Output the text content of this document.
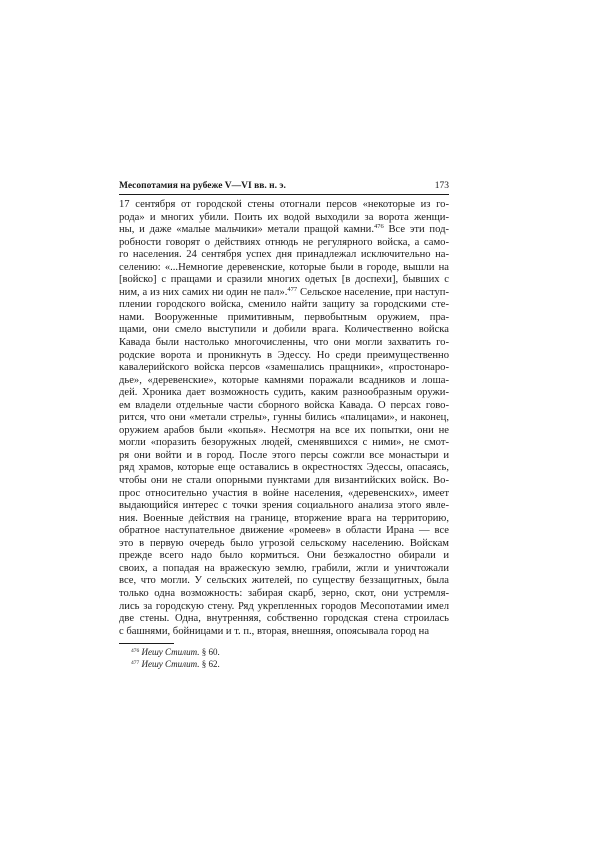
Месопотамия на рубеже V—VI вв. н. э.	173
17 сентября от городской стены отогнали персов «некоторые из го-
рода» и многих убили. Поить их водой выходили за ворота женщи-
ны, и даже «малые мальчики» метали пращой камни.$^{476}$ Все эти под-
робности говорят о действиях отнюдь не регулярного войска, а само-
го населения. 24 сентября успех дня принадлежал исключительно на-
селению: «...Немногие деревенские, которые были в городе, вышли на
[войско] с пращами и сразили многих одетых [в доспехи], бывших с
ним, а из них самих ни один не пал».$^{477}$ Сельское население, при наступ-
плении городского войска, сменило найти защиту за городскими сте-
нами. Вооруженные примитивным, первобытным оружием, пра-
щами, они смело выступили и добили врага. Количественно войска
Кавада были настолько многочисленны, что они могли захватить го-
родские ворота и проникнуть в Эдессу. Но среди преимущественно
кавалерийского войска персов «замешались пращники», «простонаро-
дье», «деревенские», которые камнями поражали всадников и лоша-
дей. Хроника дает возможность судить, каким разнообразным оружи-
ем владели отдельные части сборного войска Кавада. О персах гово-
рится, что они «метали стрелы», гунны бились «палицами», и наконец,
оружием арабов были «копья». Несмотря на все их попытки, они не
могли «поразить безоружных людей, сменявшихся с ними», не смот-
ря они войти и в город. После этого персы сожгли все монастыри и
ряд храмов, которые еще оставались в окрестностях Эдессы, опасаясь,
чтобы они не стали опорными пунктами для византийских войск. Во-
прос относительно участия в войне населения, «деревенских», имеет
выдающийся интерес с точки зрения социального анализа этого явле-
ния. Военные действия на границе, вторжение врага на территорию,
обратное наступательное движение «ромеев» в области Ирана — все
это в первую очередь было угрозой сельскому населению. Войскам
прежде всего надо было кормиться. Они безжалостно обирали и
своих, а попадая на вражескую землю, грабили, жгли и уничтожали
все, что могли. У сельских жителей, по существу беззащитных, была
только одна возможность: забирая скарб, зерно, скот, они устремля-
лись за городскую стену. Ряд укрепленных городов Месопотамии имел
две стены. Одна, внутренняя, собственно городская стена строилась
с башнями, бойницами и т. п., вторая, внешняя, опоясывала город на
$^{476}$ Иешу Стилит. § 60.
$^{477}$ Иешу Стилит. § 62.
